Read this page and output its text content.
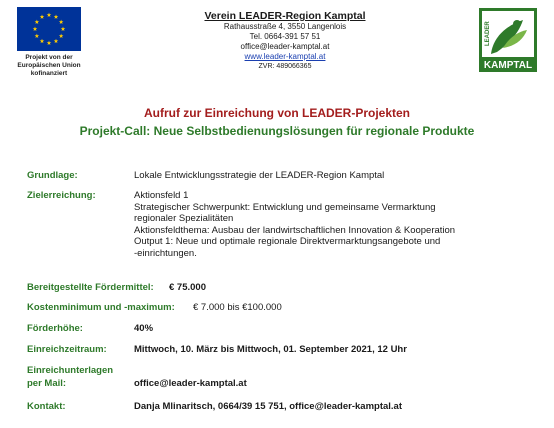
Projekt von der
Europäischen Union
kofinanziert
Verein LEADER-Region Kamptal
Rathausstraße 4, 3550 Langenlois
Tel. 0664-391 57 51
office@leader-kamptal.at
www.leader-kamptal.at
ZVR: 489066365
LEADER
KAMPTAL
Aufruf zur Einreichung von LEADER-Projekten
Projekt-Call: Neue Selbstbedienungslösungen für regionale Produkte
Grundlage:	Lokale Entwicklungsstrategie der LEADER-Region Kamptal
Zielerreichung:	Aktionsfeld 1
Strategischer Schwerpunkt: Entwicklung und gemeinsame Vermarktung
regionaler Spezialitäten
Aktionsfeldthema: Ausbau der landwirtschaftlichen Innovation & Kooperation
Output 1: Neue und optimale regionale Direktvermarktungsangebote und
-einrichtungen.
Bereitgestellte Fördermittel: € 75.000
Kostenminimum und -maximum: € 7.000 bis €100.000
Förderhöhe:	40%
Einreichzeitraum:	Mittwoch, 10. März bis Mittwoch, 01. September 2021, 12 Uhr
Einreichunterlagen
per Mail:	office@leader-kamptal.at
Kontakt:	Danja Mlinaritsch, 0664/39 15 751, office@leader-kamptal.at
